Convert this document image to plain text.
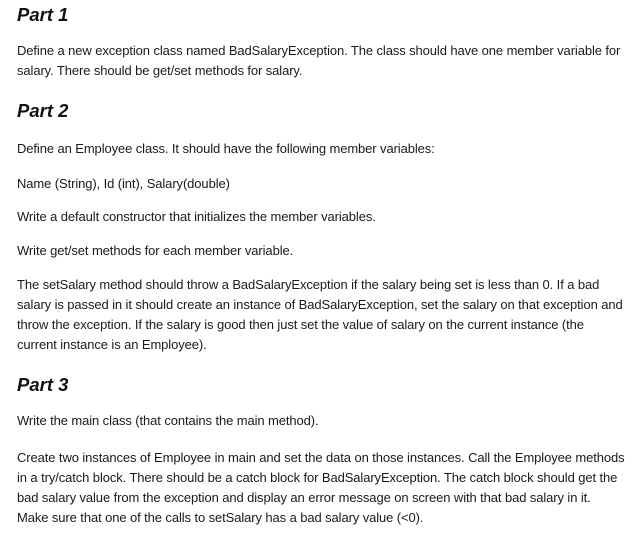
Part 1

Define a new exception class named BadSalaryException. The class should have one member variable for salary. There should be get/set methods for salary.

Part 2

Define an Employee class. It should have the following member variables:

Name (String), Id (int), Salary(double)

Write a default constructor that initializes the member variables.

Write get/set methods for each member variable.

The setSalary method should throw a BadSalaryException if the salary being set is less than 0. If a bad salary is passed in it should create an instance of BadSalaryException, set the salary on that exception and throw the exception. If the salary is good then just set the value of salary on the current instance (the current instance is an Employee).

Part 3

Write the main class (that contains the main method).

Create two instances of Employee in main and set the data on those instances. Call the Employee methods in a try/catch block. There should be a catch block for BadSalaryException. The catch block should get the bad salary value from the exception and display an error message on screen with that bad salary in it. Make sure that one of the calls to setSalary has a bad salary value (<0).
